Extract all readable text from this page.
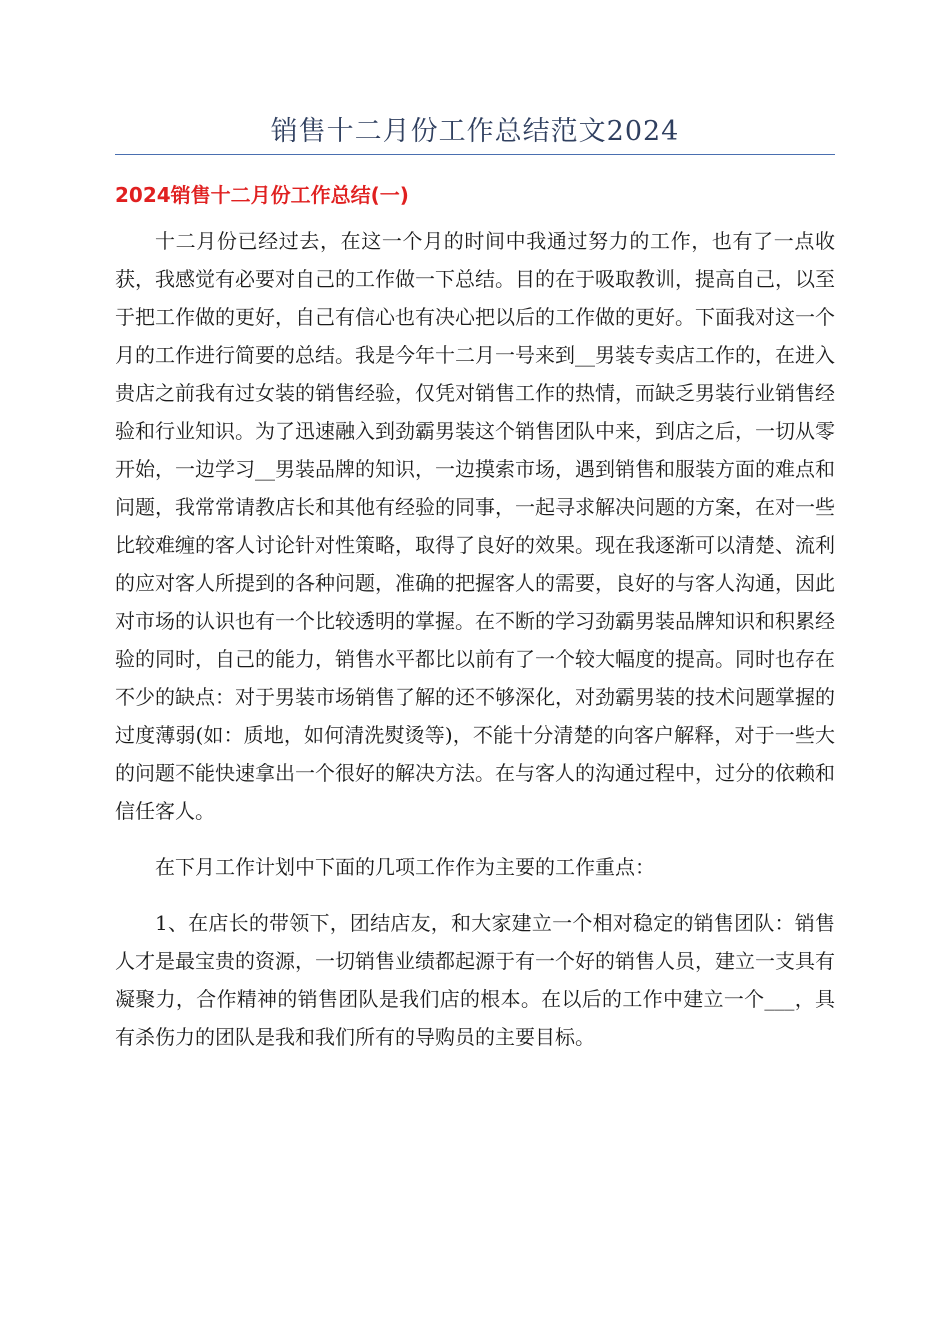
销售十二月份工作总结范文2024
2024销售十二月份工作总结(一)

十二月份已经过去，在这一个月的时间中我通过努力的工作，也有了一点收获，我感觉有必要对自己的工作做一下总结。目的在于吸取教训，提高自己，以至于把工作做的更好，自己有信心也有决心把以后的工作做的更好。下面我对这一个月的工作进行简要的总结。我是今年十二月一号来到__男装专卖店工作的，在进入贵店之前我有过女装的销售经验，仅凭对销售工作的热情，而缺乏男装行业销售经验和行业知识。为了迅速融入到劲霸男装这个销售团队中来，到店之后，一切从零开始，一边学习__男装品牌的知识，一边摸索市场，遇到销售和服装方面的难点和问题，我常常请教店长和其他有经验的同事，一起寻求解决问题的方案，在对一些比较难缠的客人讨论针对性策略，取得了良好的效果。现在我逐渐可以清楚、流利的应对客人所提到的各种问题，准确的把握客人的需要，良好的与客人沟通，因此对市场的认识也有一个比较透明的掌握。在不断的学习劲霸男装品牌知识和积累经验的同时，自己的能力，销售水平都比以前有了一个较大幅度的提高。同时也存在不少的缺点：对于男装市场销售了解的还不够深化，对劲霸男装的技术问题掌握的过度薄弱(如：质地，如何清洗熨烫等)，不能十分清楚的向客户解释，对于一些大的问题不能快速拿出一个很好的解决方法。在与客人的沟通过程中，过分的依赖和信任客人。

在下月工作计划中下面的几项工作作为主要的工作重点：

1、在店长的带领下，团结店友，和大家建立一个相对稳定的销售团队：销售人才是最宝贵的资源，一切销售业绩都起源于有一个好的销售人员，建立一支具有凝聚力，合作精神的销售团队是我们店的根本。在以后的工作中建立一个___，具有杀伤力的团队是我和我们所有的导购员的主要目标。
